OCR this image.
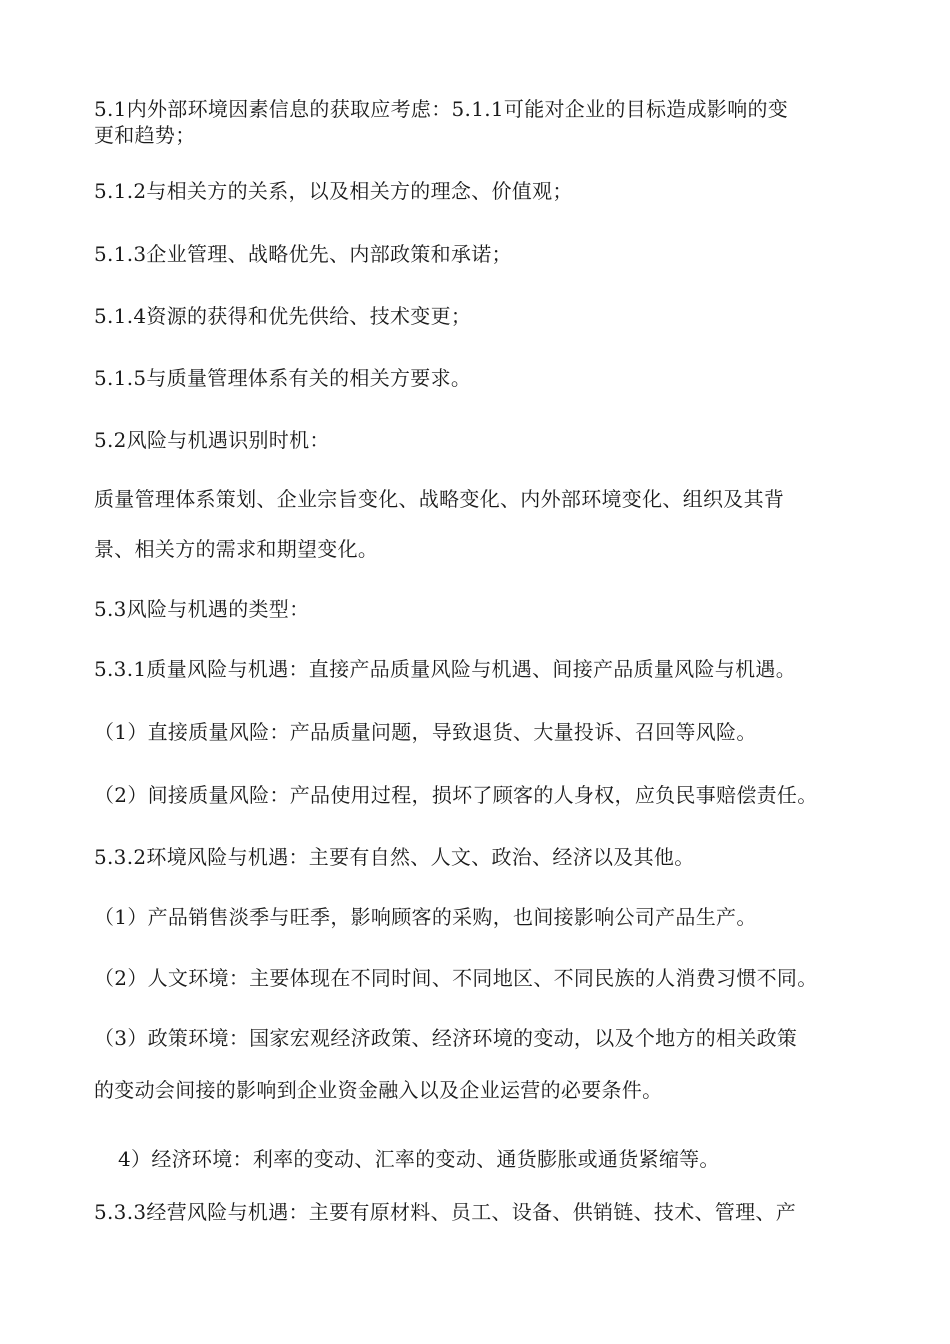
5.1内外部环境因素信息的获取应考虑：5.1.1可能对企业的目标造成影响的变

更和趋势；

5.1.2与相关方的关系，以及相关方的理念、价值观；

5.1.3企业管理、战略优先、内部政策和承诺；

5.1.4资源的获得和优先供给、技术变更；

5.1.5与质量管理体系有关的相关方要求。

5.2风险与机遇识别时机：

质量管理体系策划、企业宗旨变化、战略变化、内外部环境变化、组织及其背

景、相关方的需求和期望变化。

5.3风险与机遇的类型：

5.3.1质量风险与机遇：直接产品质量风险与机遇、间接产品质量风险与机遇。

（1）直接质量风险：产品质量问题，导致退货、大量投诉、召回等风险。

（2）间接质量风险：产品使用过程，损坏了顾客的人身权，应负民事赔偿责任。

5.3.2环境风险与机遇：主要有自然、人文、政治、经济以及其他。

（1）产品销售淡季与旺季，影响顾客的采购，也间接影响公司产品生产。

（2）人文环境：主要体现在不同时间、不同地区、不同民族的人消费习惯不同。

（3）政策环境：国家宏观经济政策、经济环境的变动，以及个地方的相关政策

的变动会间接的影响到企业资金融入以及企业运营的必要条件。

4）经济环境：利率的变动、汇率的变动、通货膨胀或通货紧缩等。

5.3.3经营风险与机遇：主要有原材料、员工、设备、供销链、技术、管理、产
